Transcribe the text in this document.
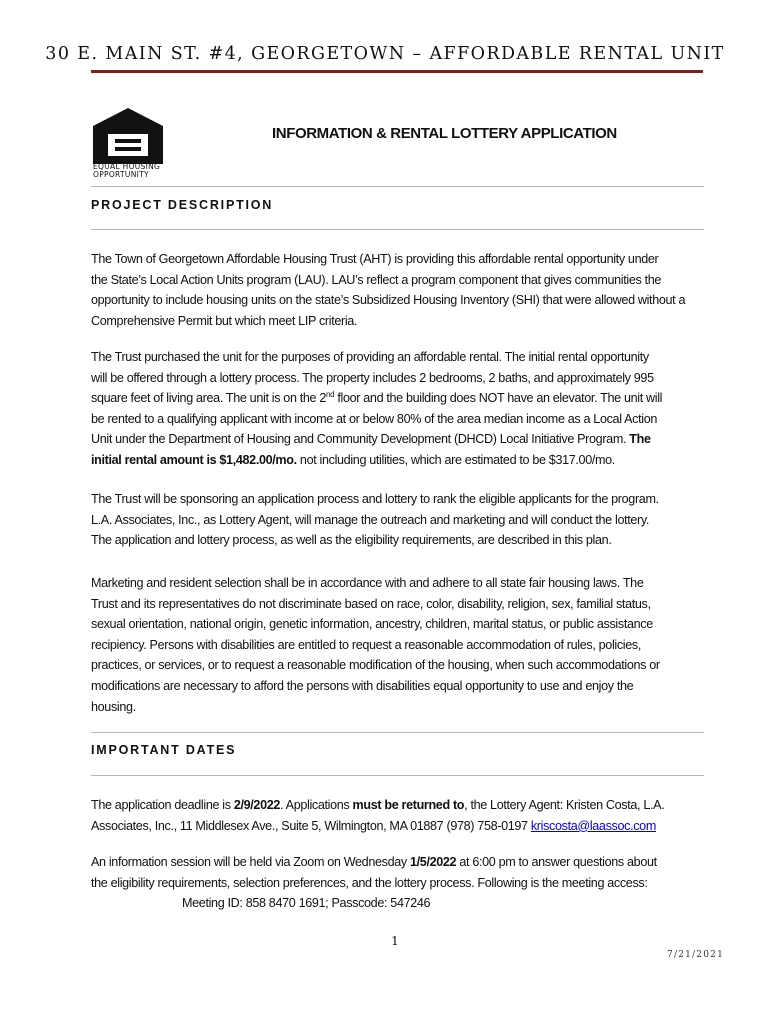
30 E. MAIN ST. #4, GEORGETOWN – AFFORDABLE RENTAL UNIT
EQUAL HOUSING
OPPORTUNITY
INFORMATION & RENTAL LOTTERY APPLICATION
PROJECT DESCRIPTION
The Town of Georgetown Affordable Housing Trust (AHT) is providing this affordable rental opportunity under
the State’s Local Action Units program (LAU). LAU’s reflect a program component that gives communities the
opportunity to include housing units on the state’s Subsidized Housing Inventory (SHI) that were allowed without a
Comprehensive Permit but which meet LIP criteria.
The Trust purchased the unit for the purposes of providing an affordable rental. The initial rental opportunity
will be offered through a lottery process. The property includes 2 bedrooms, 2 baths, and approximately 995
square feet of living area. The unit is on the 2nd floor and the building does NOT have an elevator. The unit will
be rented to a qualifying applicant with income at or below 80% of the area median income as a Local Action
Unit under the Department of Housing and Community Development (DHCD) Local Initiative Program. The
initial rental amount is $1,482.00/mo. not including utilities, which are estimated to be $317.00/mo.
The Trust will be sponsoring an application process and lottery to rank the eligible applicants for the program.
L.A. Associates, Inc., as Lottery Agent, will manage the outreach and marketing and will conduct the lottery.
The application and lottery process, as well as the eligibility requirements, are described in this plan.
Marketing and resident selection shall be in accordance with and adhere to all state fair housing laws. The
Trust and its representatives do not discriminate based on race, color, disability, religion, sex, familial status,
sexual orientation, national origin, genetic information, ancestry, children, marital status, or public assistance
recipiency. Persons with disabilities are entitled to request a reasonable accommodation of rules, policies,
practices, or services, or to request a reasonable modification of the housing, when such accommodations or
modifications are necessary to afford the persons with disabilities equal opportunity to use and enjoy the
housing.
IMPORTANT DATES
The application deadline is 2/9/2022. Applications must be returned to, the Lottery Agent: Kristen Costa, L.A.
Associates, Inc., 11 Middlesex Ave., Suite 5, Wilmington, MA 01887 (978) 758-0197 kriscosta@laassoc.com
An information session will be held via Zoom on Wednesday 1/5/2022 at 6:00 pm to answer questions about
the eligibility requirements, selection preferences, and the lottery process. Following is the meeting access:
Meeting ID: 858 8470 1691; Passcode: 547246
1
7/21/2021
